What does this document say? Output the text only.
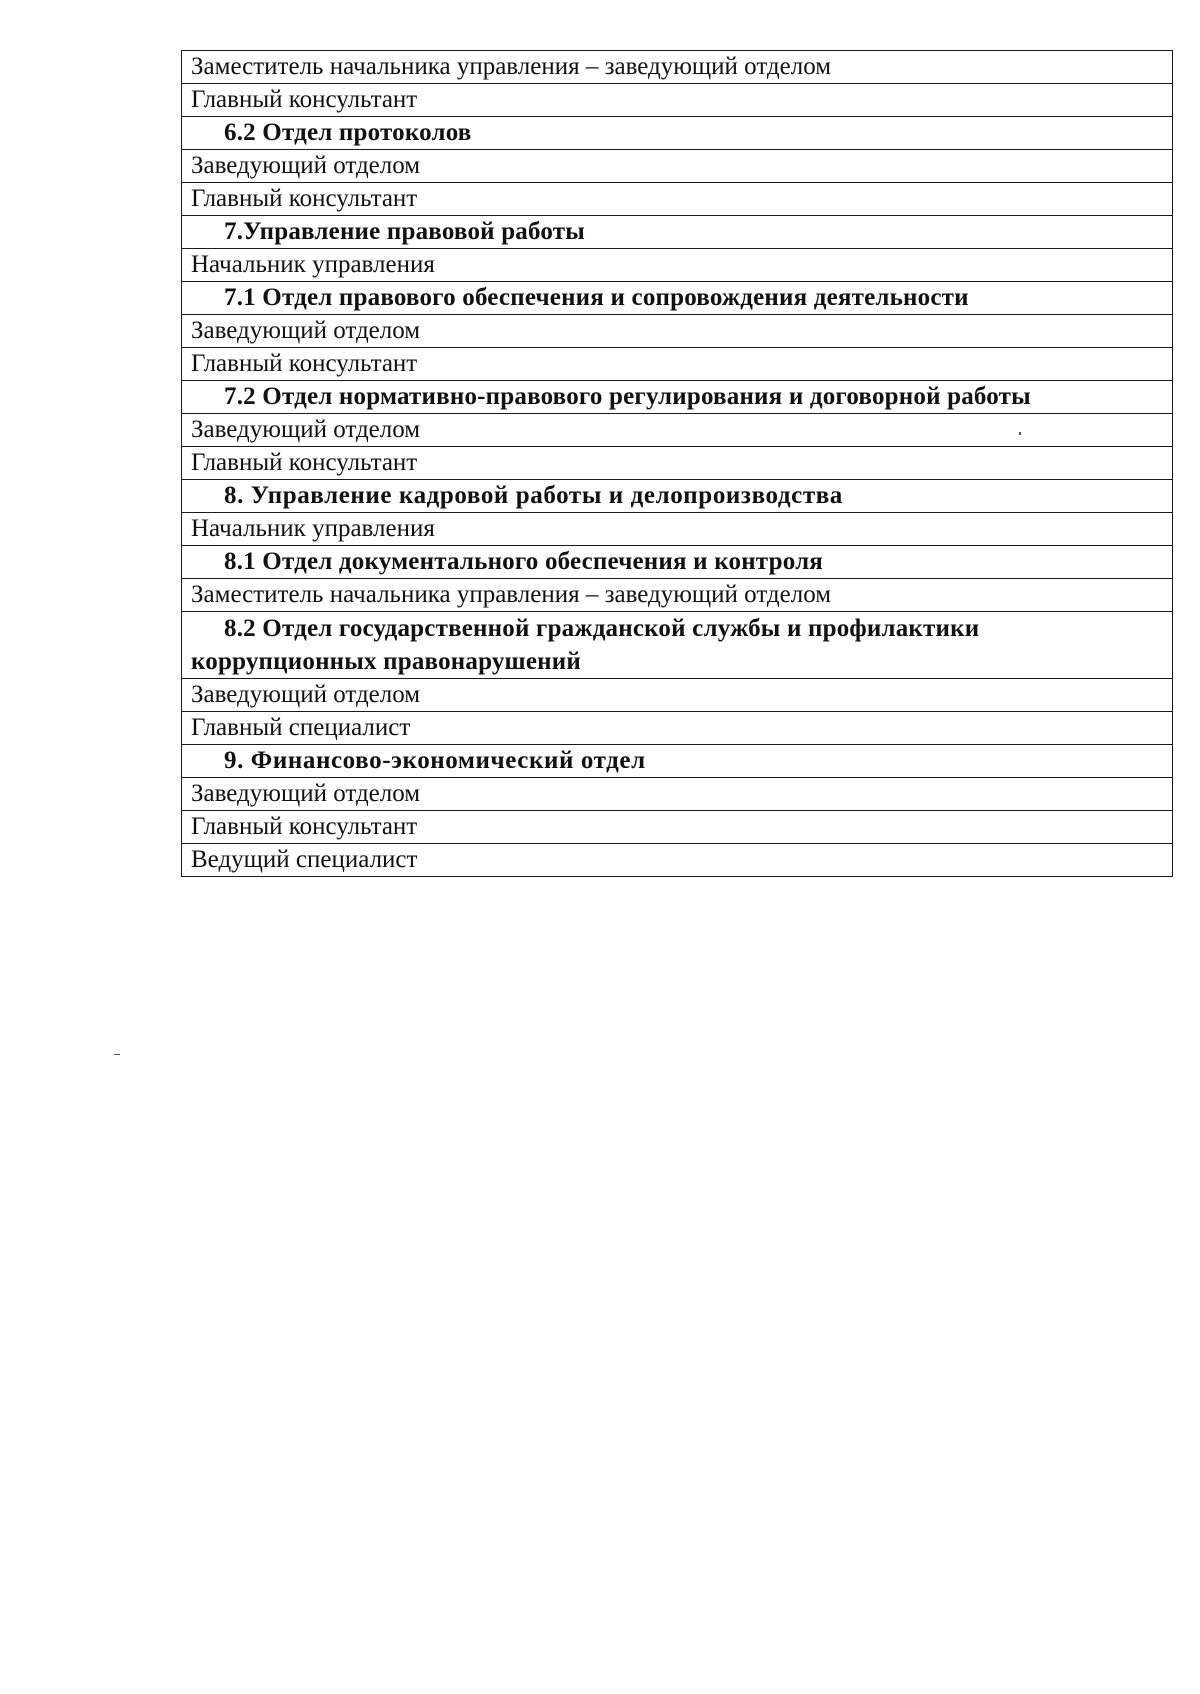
Заместитель начальника управления – заведующий отделом
Главный консультант
6.2 Отдел протоколов
Заведующий отделом
Главный консультант
7.Управление правовой работы
Начальник управления
7.1 Отдел правового обеспечения и сопровождения деятельности
Заведующий отделом
Главный консультант
7.2 Отдел нормативно-правового регулирования и договорной работы
Заведующий отделом
Главный консультант
8. Управление кадровой работы и делопроизводства
Начальник управления
8.1 Отдел документального обеспечения и контроля
Заместитель начальника управления – заведующий отделом

8.2 Отдел государственной гражданской службы и профилактики
коррупционных правонарушений
Заведующий отделом
Главный специалист
9. Финансово-экономический отдел
Заведующий отделом
Главный консультант
Ведущий специалист
